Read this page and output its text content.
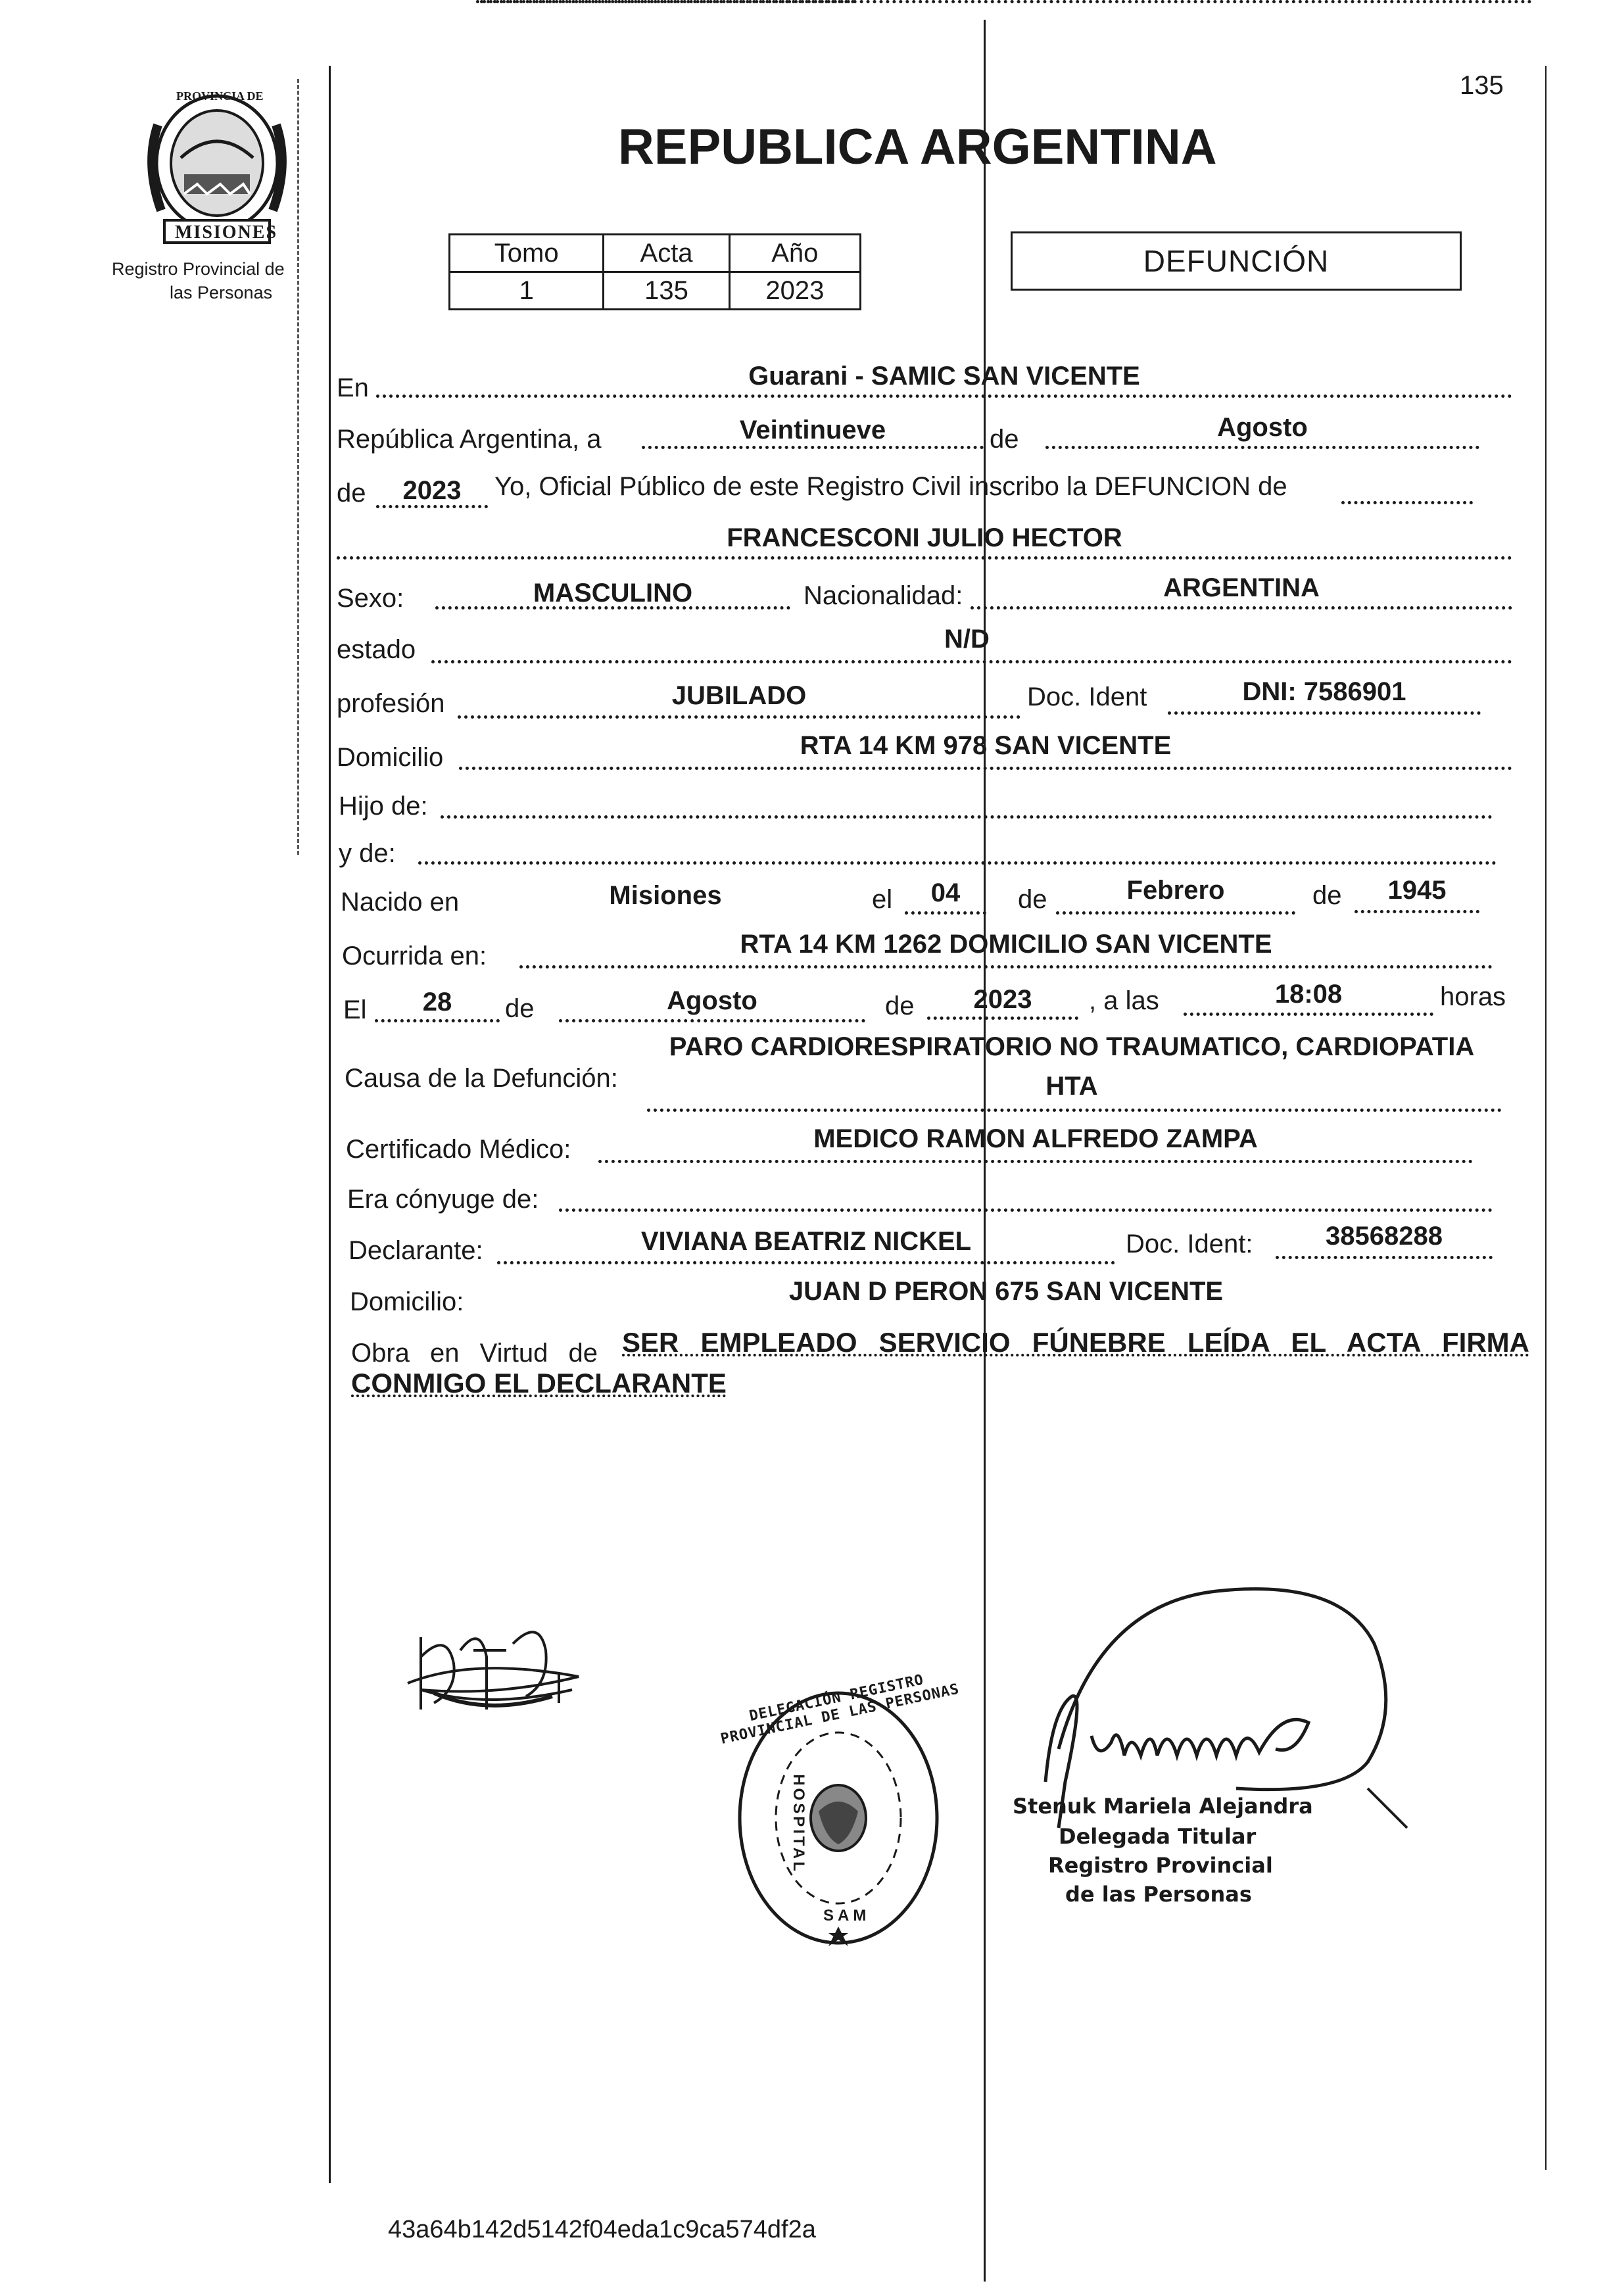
135
PROVINCIA DE
MISIONES
Registro Provincial de
las Personas
REPUBLICA ARGENTINA
Tomo	Acta	Año
1	135	2023
DEFUNCIÓN
En	Guarani - SAMIC SAN VICENTE
República Argentina, a	Veintinueve	de	Agosto
de	2023	Yo, Oficial Público de este Registro Civil inscribo la DEFUNCION de
FRANCESCONI JULIO HECTOR
Sexo:	MASCULINO	Nacionalidad:	ARGENTINA
estado	N/D
profesión	JUBILADO	Doc. Ident	DNI: 7586901
Domicilio	RTA 14 KM 978 SAN VICENTE
Hijo de:
y de:
Nacido en	Misiones	el	04	de	Febrero	de	1945
Ocurrida en:	RTA 14 KM 1262 DOMICILIO SAN VICENTE
El	28	de	Agosto	de	2023	, a las	18:08	horas
Causa de la Defunción:
PARO CARDIORESPIRATORIO NO TRAUMATICO, CARDIOPATIA
HTA
Certificado Médico:	MEDICO RAMON ALFREDO ZAMPA
Era cónyuge de:
Declarante:	VIVIANA BEATRIZ NICKEL	Doc. Ident:	38568288
Domicilio:	JUAN D PERON 675 SAN VICENTE
Obra en Virtud de SER EMPLEADO SERVICIO FÚNEBRE LEÍDA EL ACTA FIRMA
CONMIGO EL DECLARANTE
DELEGACIÓN REGISTRO PROVINCIAL DE LAS PERSONAS
HOSPITAL
SAM
Stenuk Mariela Alejandra
Delegada Titular
Registro Provincial
de las Personas
43a64b142d5142f04eda1c9ca574df2a
